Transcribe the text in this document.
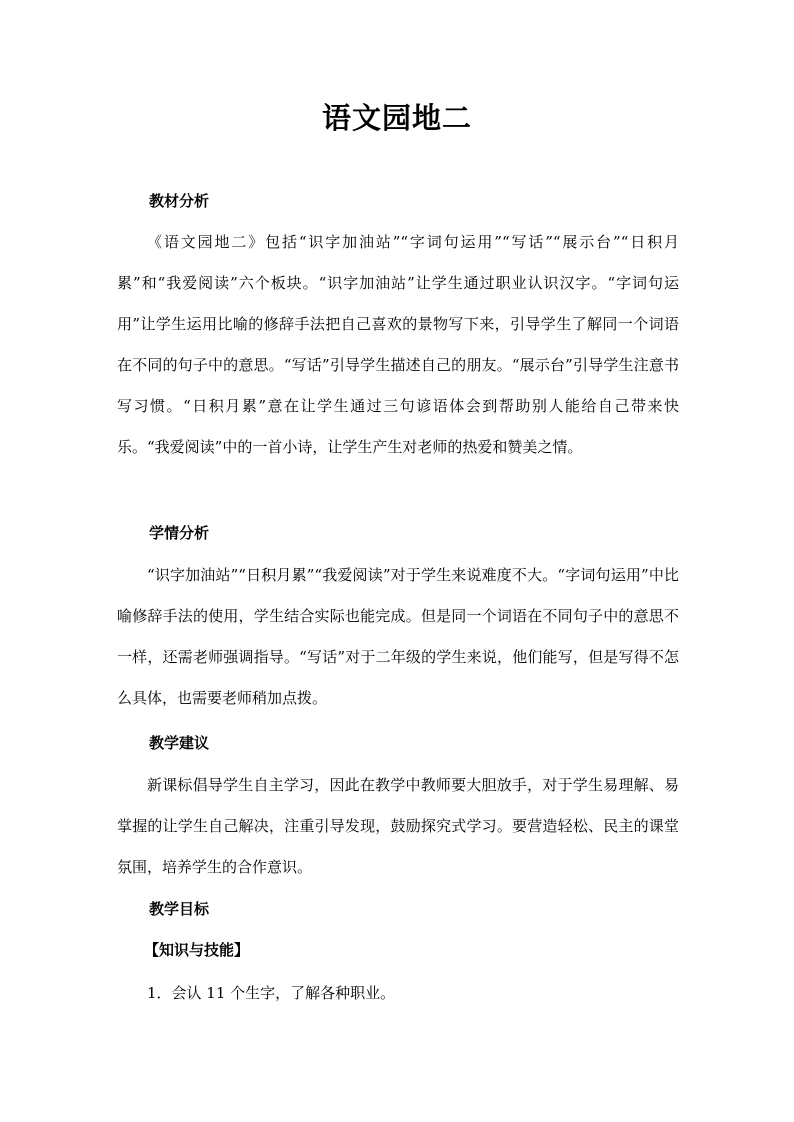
语文园地二
教材分析
《语文园地二》包括“识字加油站”“字词句运用”“写话”“展示台”“日积月累”和“我爱阅读”六个板块。“识字加油站”让学生通过职业认识汉字。“字词句运用”让学生运用比喻的修辞手法把自己喜欢的景物写下来，引导学生了解同一个词语在不同的句子中的意思。“写话”引导学生描述自己的朋友。“展示台”引导学生注意书写习惯。“日积月累”意在让学生通过三句谚语体会到帮助别人能给自己带来快乐。“我爱阅读”中的一首小诗，让学生产生对老师的热爱和赞美之情。
学情分析
“识字加油站”“日积月累”“我爱阅读”对于学生来说难度不大。“字词句运用”中比喻修辞手法的使用，学生结合实际也能完成。但是同一个词语在不同句子中的意思不一样，还需老师强调指导。“写话”对于二年级的学生来说，他们能写，但是写得不怎么具体，也需要老师稍加点拨。
教学建议
新课标倡导学生自主学习，因此在教学中教师要大胆放手，对于学生易理解、易掌握的让学生自己解决，注重引导发现，鼓励探究式学习。要营造轻松、民主的课堂氛围，培养学生的合作意识。
教学目标
【知识与技能】
1．会认 11 个生字，了解各种职业。
